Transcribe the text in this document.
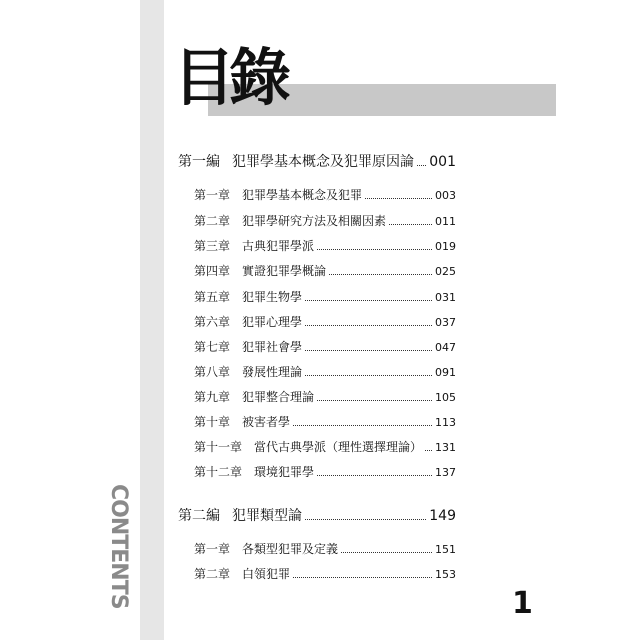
CONTENTS
目錄
第一編 犯罪學基本概念及犯罪原因論 001
第一章 犯罪學基本概念及犯罪	003
第二章 犯罪學研究方法及相關因素	011
第三章 古典犯罪學派	019
第四章 實證犯罪學概論	025
第五章 犯罪生物學	031
第六章 犯罪心理學	037
第七章 犯罪社會學	047
第八章 發展性理論	091
第九章 犯罪整合理論	105
第十章 被害者學	113
第十一章 當代古典學派（理性選擇理論） 131
第十二章 環境犯罪學	137
第二編 犯罪類型論	149
第一章 各類型犯罪及定義	151
第二章 白領犯罪	153
1
